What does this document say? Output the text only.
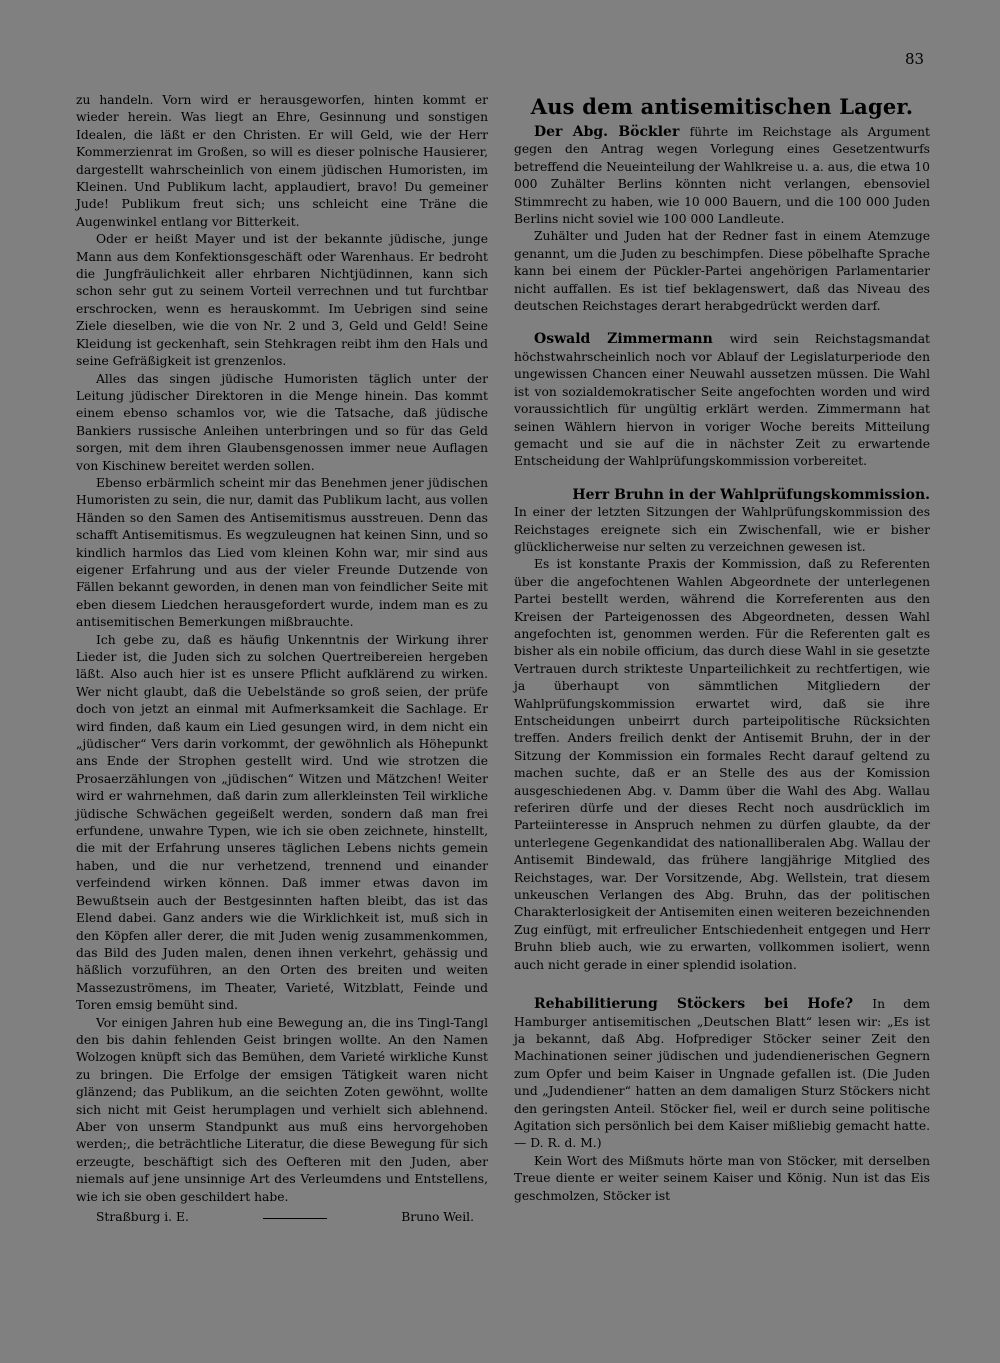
83

zu handeln. Vorn wird er herausgeworfen, hinten kommt er wieder herein. Was liegt an Ehre, Gesinnung und sonstigen Idealen, die läßt er den Christen. Er will Geld, wie der Herr Kommerzienrat im Großen, so will es dieser polnische Hausierer, dargestellt wahrscheinlich von einem jüdischen Humoristen, im Kleinen. Und Publikum lacht, applaudiert, bravo! Du gemeiner Jude! Publikum freut sich; uns schleicht eine Träne die Augenwinkel entlang vor Bitterkeit.

Oder er heißt Mayer und ist der bekannte jüdische, junge Mann aus dem Konfektionsgeschäft oder Warenhaus. Er bedroht die Jungfräulichkeit aller ehrbaren Nichtjüdinnen, kann sich schon sehr gut zu seinem Vorteil verrechnen und tut furchtbar erschrocken, wenn es herauskommt. Im Uebrigen sind seine Ziele dieselben, wie die von Nr. 2 und 3, Geld und Geld! Seine Kleidung ist geckenhaft, sein Stehkragen reibt ihm den Hals und seine Gefräßigkeit ist grenzenlos.

Alles das singen jüdische Humoristen täglich unter der Leitung jüdischer Direktoren in die Menge hinein. Das kommt einem ebenso schamlos vor, wie die Tatsache, daß jüdische Bankiers russische Anleihen unterbringen und so für das Geld sorgen, mit dem ihren Glaubensgenossen immer neue Auflagen von Kischinew bereitet werden sollen.

Ebenso erbärmlich scheint mir das Benehmen jener jüdischen Humoristen zu sein, die nur, damit das Publikum lacht, aus vollen Händen so den Samen des Antisemitismus ausstreuen. Denn das schafft Antisemitismus. Es wegzuleugnen hat keinen Sinn, und so kindlich harmlos das Lied vom kleinen Kohn war, mir sind aus eigener Erfahrung und aus der vieler Freunde Dutzende von Fällen bekannt geworden, in denen man von feindlicher Seite mit eben diesem Liedchen herausgefordert wurde, indem man es zu antisemitischen Bemerkungen mißbrauchte.

Ich gebe zu, daß es häufig Unkenntnis der Wirkung ihrer Lieder ist, die Juden sich zu solchen Quertreibereien hergeben läßt. Also auch hier ist es unsere Pflicht aufklärend zu wirken. Wer nicht glaubt, daß die Uebelstände so groß seien, der prüfe doch von jetzt an einmal mit Aufmerksamkeit die Sachlage. Er wird finden, daß kaum ein Lied gesungen wird, in dem nicht ein „jüdischer“ Vers darin vorkommt, der gewöhnlich als Höhepunkt ans Ende der Strophen gestellt wird. Und wie strotzen die Prosaerzählungen von „jüdischen“ Witzen und Mätzchen! Weiter wird er wahrnehmen, daß darin zum allerkleinsten Teil wirkliche jüdische Schwächen gegeißelt werden, sondern daß man frei erfundene, unwahre Typen, wie ich sie oben zeichnete, hinstellt, die mit der Erfahrung unseres täglichen Lebens nichts gemein haben, und die nur verhetzend, trennend und einander verfeindend wirken können. Daß immer etwas davon im Bewußtsein auch der Bestgesinnten haften bleibt, das ist das Elend dabei. Ganz anders wie die Wirklichkeit ist, muß sich in den Köpfen aller derer, die mit Juden wenig zusammenkommen, das Bild des Juden malen, denen ihnen verkehrt, gehässig und häßlich vorzuführen, an den Orten des breiten und weiten Massezuströmens, im Theater, Varieté, Witzblatt, Feinde und Toren emsig bemüht sind.

Vor einigen Jahren hub eine Bewegung an, die ins Tingl-Tangl den bis dahin fehlenden Geist bringen wollte. An den Namen Wolzogen knüpft sich das Bemühen, dem Varieté wirkliche Kunst zu bringen. Die Erfolge der emsigen Tätigkeit waren nicht glänzend; das Publikum, an die seichten Zoten gewöhnt, wollte sich nicht mit Geist herumplagen und verhielt sich ablehnend. Aber von unserm Standpunkt aus muß eins hervorgehoben werden;, die beträchtliche Literatur, die diese Bewegung für sich erzeugte, beschäftigt sich des Oefteren mit den Juden, aber niemals auf jene unsinnige Art des Verleumdens und Entstellens, wie ich sie oben geschildert habe.

Straßburg i. E.	Bruno Weil.
Aus dem antisemitischen Lager.

Der Abg. Böckler führte im Reichstage als Argument gegen den Antrag wegen Vorlegung eines Gesetzentwurfs betreffend die Neueinteilung der Wahlkreise u. a. aus, die etwa 10 000 Zuhälter Berlins könnten nicht verlangen, ebensoviel Stimmrecht zu haben, wie 10 000 Bauern, und die 100 000 Juden Berlins nicht soviel wie 100 000 Landleute.

Zuhälter und Juden hat der Redner fast in einem Atemzuge genannt, um die Juden zu beschimpfen. Diese pöbelhafte Sprache kann bei einem der Pückler-Partei angehörigen Parlamentarier nicht auffallen. Es ist tief beklagenswert, daß das Niveau des deutschen Reichstages derart herabgedrückt werden darf.

Oswald Zimmermann wird sein Reichstagsmandat höchstwahrscheinlich noch vor Ablauf der Legislaturperiode den ungewissen Chancen einer Neuwahl aussetzen müssen. Die Wahl ist von sozialdemokratischer Seite angefochten worden und wird voraussichtlich für ungültig erklärt werden. Zimmermann hat seinen Wählern hiervon in voriger Woche bereits Mitteilung gemacht und sie auf die in nächster Zeit zu erwartende Entscheidung der Wahlprüfungskommission vorbereitet.

Herr Bruhn in der Wahlprüfungskommission.

In einer der letzten Sitzungen der Wahlprüfungskommission des Reichstages ereignete sich ein Zwischenfall, wie er bisher glücklicherweise nur selten zu verzeichnen gewesen ist.

Es ist konstante Praxis der Kommission, daß zu Referenten über die angefochtenen Wahlen Abgeordnete der unterlegenen Partei bestellt werden, während die Korreferenten aus den Kreisen der Parteigenossen des Abgeordneten, dessen Wahl angefochten ist, genommen werden. Für die Referenten galt es bisher als ein nobile officium, das durch diese Wahl in sie gesetzte Vertrauen durch strikteste Unparteilichkeit zu rechtfertigen, wie ja überhaupt von sämmtlichen Mitgliedern der Wahlprüfungskommission erwartet wird, daß sie ihre Entscheidungen unbeirrt durch parteipolitische Rücksichten treffen. Anders freilich denkt der Antisemit Bruhn, der in der Sitzung der Kommission ein formales Recht darauf geltend zu machen suchte, daß er an Stelle des aus der Komission ausgeschiedenen Abg. v. Damm über die Wahl des Abg. Wallau referiren dürfe und der dieses Recht noch ausdrücklich im Parteiinteresse in Anspruch nehmen zu dürfen glaubte, da der unterlegene Gegenkandidat des nationalliberalen Abg. Wallau der Antisemit Bindewald, das frühere langjährige Mitglied des Reichstages, war. Der Vorsitzende, Abg. Wellstein, trat diesem unkeuschen Verlangen des Abg. Bruhn, das der politischen Charakterlosigkeit der Antisemiten einen weiteren bezeichnenden Zug einfügt, mit erfreulicher Entschiedenheit entgegen und Herr Bruhn blieb auch, wie zu erwarten, vollkommen isoliert, wenn auch nicht gerade in einer splendid isolation.

Rehabilitierung Stöckers bei Hofe? In dem Hamburger antisemitischen „Deutschen Blatt“ lesen wir: „Es ist ja bekannt, daß Abg. Hofprediger Stöcker seiner Zeit den Machinationen seiner jüdischen und judendienerischen Gegnern zum Opfer und beim Kaiser in Ungnade gefallen ist. (Die Juden und „Judendiener“ hatten an dem damaligen Sturz Stöckers nicht den geringsten Anteil. Stöcker fiel, weil er durch seine politische Agitation sich persönlich bei dem Kaiser mißliebig gemacht hatte. — D. R. d. M.)

Kein Wort des Mißmuts hörte man von Stöcker, mit derselben Treue diente er weiter seinem Kaiser und König. Nun ist das Eis geschmolzen, Stöcker ist
